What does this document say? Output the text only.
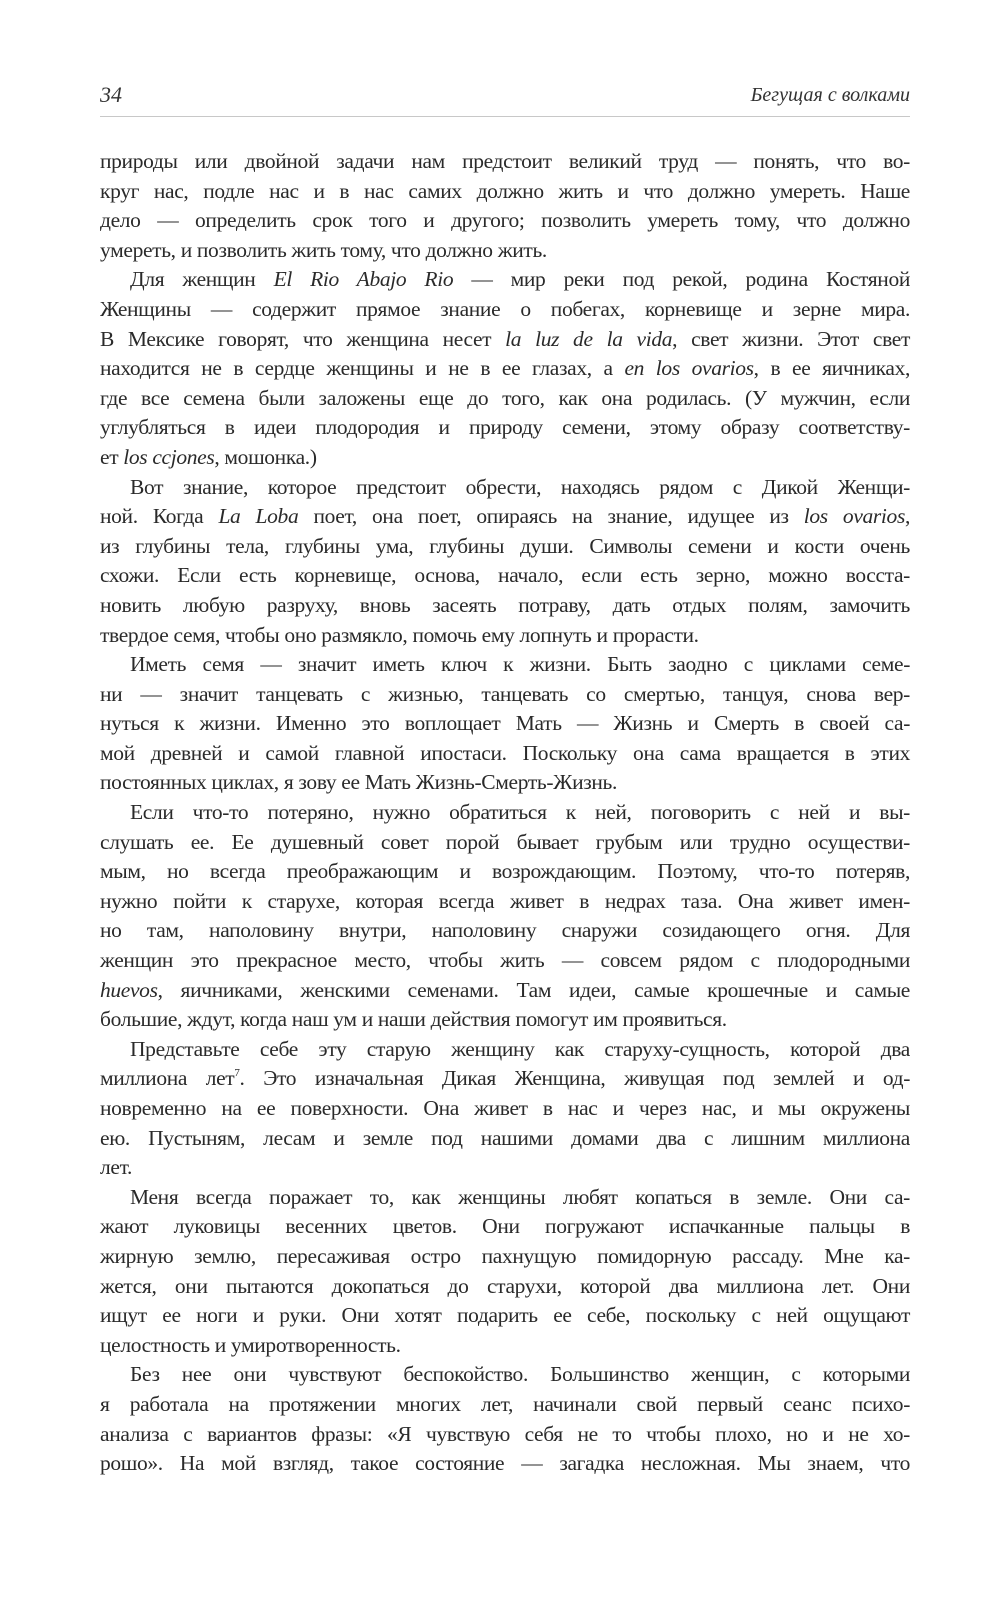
34	Бегущая с волками
природы или двойной задачи нам предстоит великий труд — понять, что во-
круг нас, подле нас и в нас самих должно жить и что должно умереть. Наше
дело — определить срок того и другого; позволить умереть тому, что должно
умереть, и позволить жить тому, что должно жить.
Для женщин El Rio Abajo Rio — мир реки под рекой, родина Костяной
Женщины — содержит прямое знание о побегах, корневище и зерне мира.
В Мексике говорят, что женщина несет la luz de la vida, свет жизни. Этот свет
находится не в сердце женщины и не в ее глазах, а en los ovarios, в ее яичниках,
где все семена были заложены еще до того, как она родилась. (У мужчин, если
углубляться в идеи плодородия и природу семени, этому образу соответству-
ет los ccjones, мошонка.)
Вот знание, которое предстоит обрести, находясь рядом с Дикой Женщи-
ной. Когда La Loba поет, она поет, опираясь на знание, идущее из los ovarios,
из глубины тела, глубины ума, глубины души. Символы семени и кости очень
схожи. Если есть корневище, основа, начало, если есть зерно, можно восста-
новить любую разруху, вновь засеять потраву, дать отдых полям, замочить
твердое семя, чтобы оно размякло, помочь ему лопнуть и прорасти.
Иметь семя — значит иметь ключ к жизни. Быть заодно с циклами семе-
ни — значит танцевать с жизнью, танцевать со смертью, танцуя, снова вер-
нуться к жизни. Именно это воплощает Мать — Жизнь и Смерть в своей са-
мой древней и самой главной ипостаси. Поскольку она сама вращается в этих
постоянных циклах, я зову ее Мать Жизнь-Смерть-Жизнь.
Если что-то потеряно, нужно обратиться к ней, поговорить с ней и вы-
слушать ее. Ее душевный совет порой бывает грубым или трудно осуществи-
мым, но всегда преображающим и возрождающим. Поэтому, что-то потеряв,
нужно пойти к старухе, которая всегда живет в недрах таза. Она живет имен-
но там, наполовину внутри, наполовину снаружи созидающего огня. Для
женщин это прекрасное место, чтобы жить — совсем рядом с плодородными
huevos, яичниками, женскими семенами. Там идеи, самые крошечные и самые
большие, ждут, когда наш ум и наши действия помогут им проявиться.
Представьте себе эту старую женщину как старуху-сущность, которой два
миллиона лет$^7$. Это изначальная Дикая Женщина, живущая под землей и од-
новременно на ее поверхности. Она живет в нас и через нас, и мы окружены
ею. Пустыням, лесам и земле под нашими домами два с лишним миллиона
лет.
Меня всегда поражает то, как женщины любят копаться в земле. Они са-
жают луковицы весенних цветов. Они погружают испачканные пальцы в
жирную землю, пересаживая остро пахнущую помидорную рассаду. Мне ка-
жется, они пытаются докопаться до старухи, которой два миллиона лет. Они
ищут ее ноги и руки. Они хотят подарить ее себе, поскольку с ней ощущают
целостность и умиротворенность.
Без нее они чувствуют беспокойство. Большинство женщин, с которыми
я работала на протяжении многих лет, начинали свой первый сеанс психо-
анализа с вариантов фразы: «Я чувствую себя не то чтобы плохо, но и не хо-
рошо». На мой взгляд, такое состояние — загадка несложная. Мы знаем, что
